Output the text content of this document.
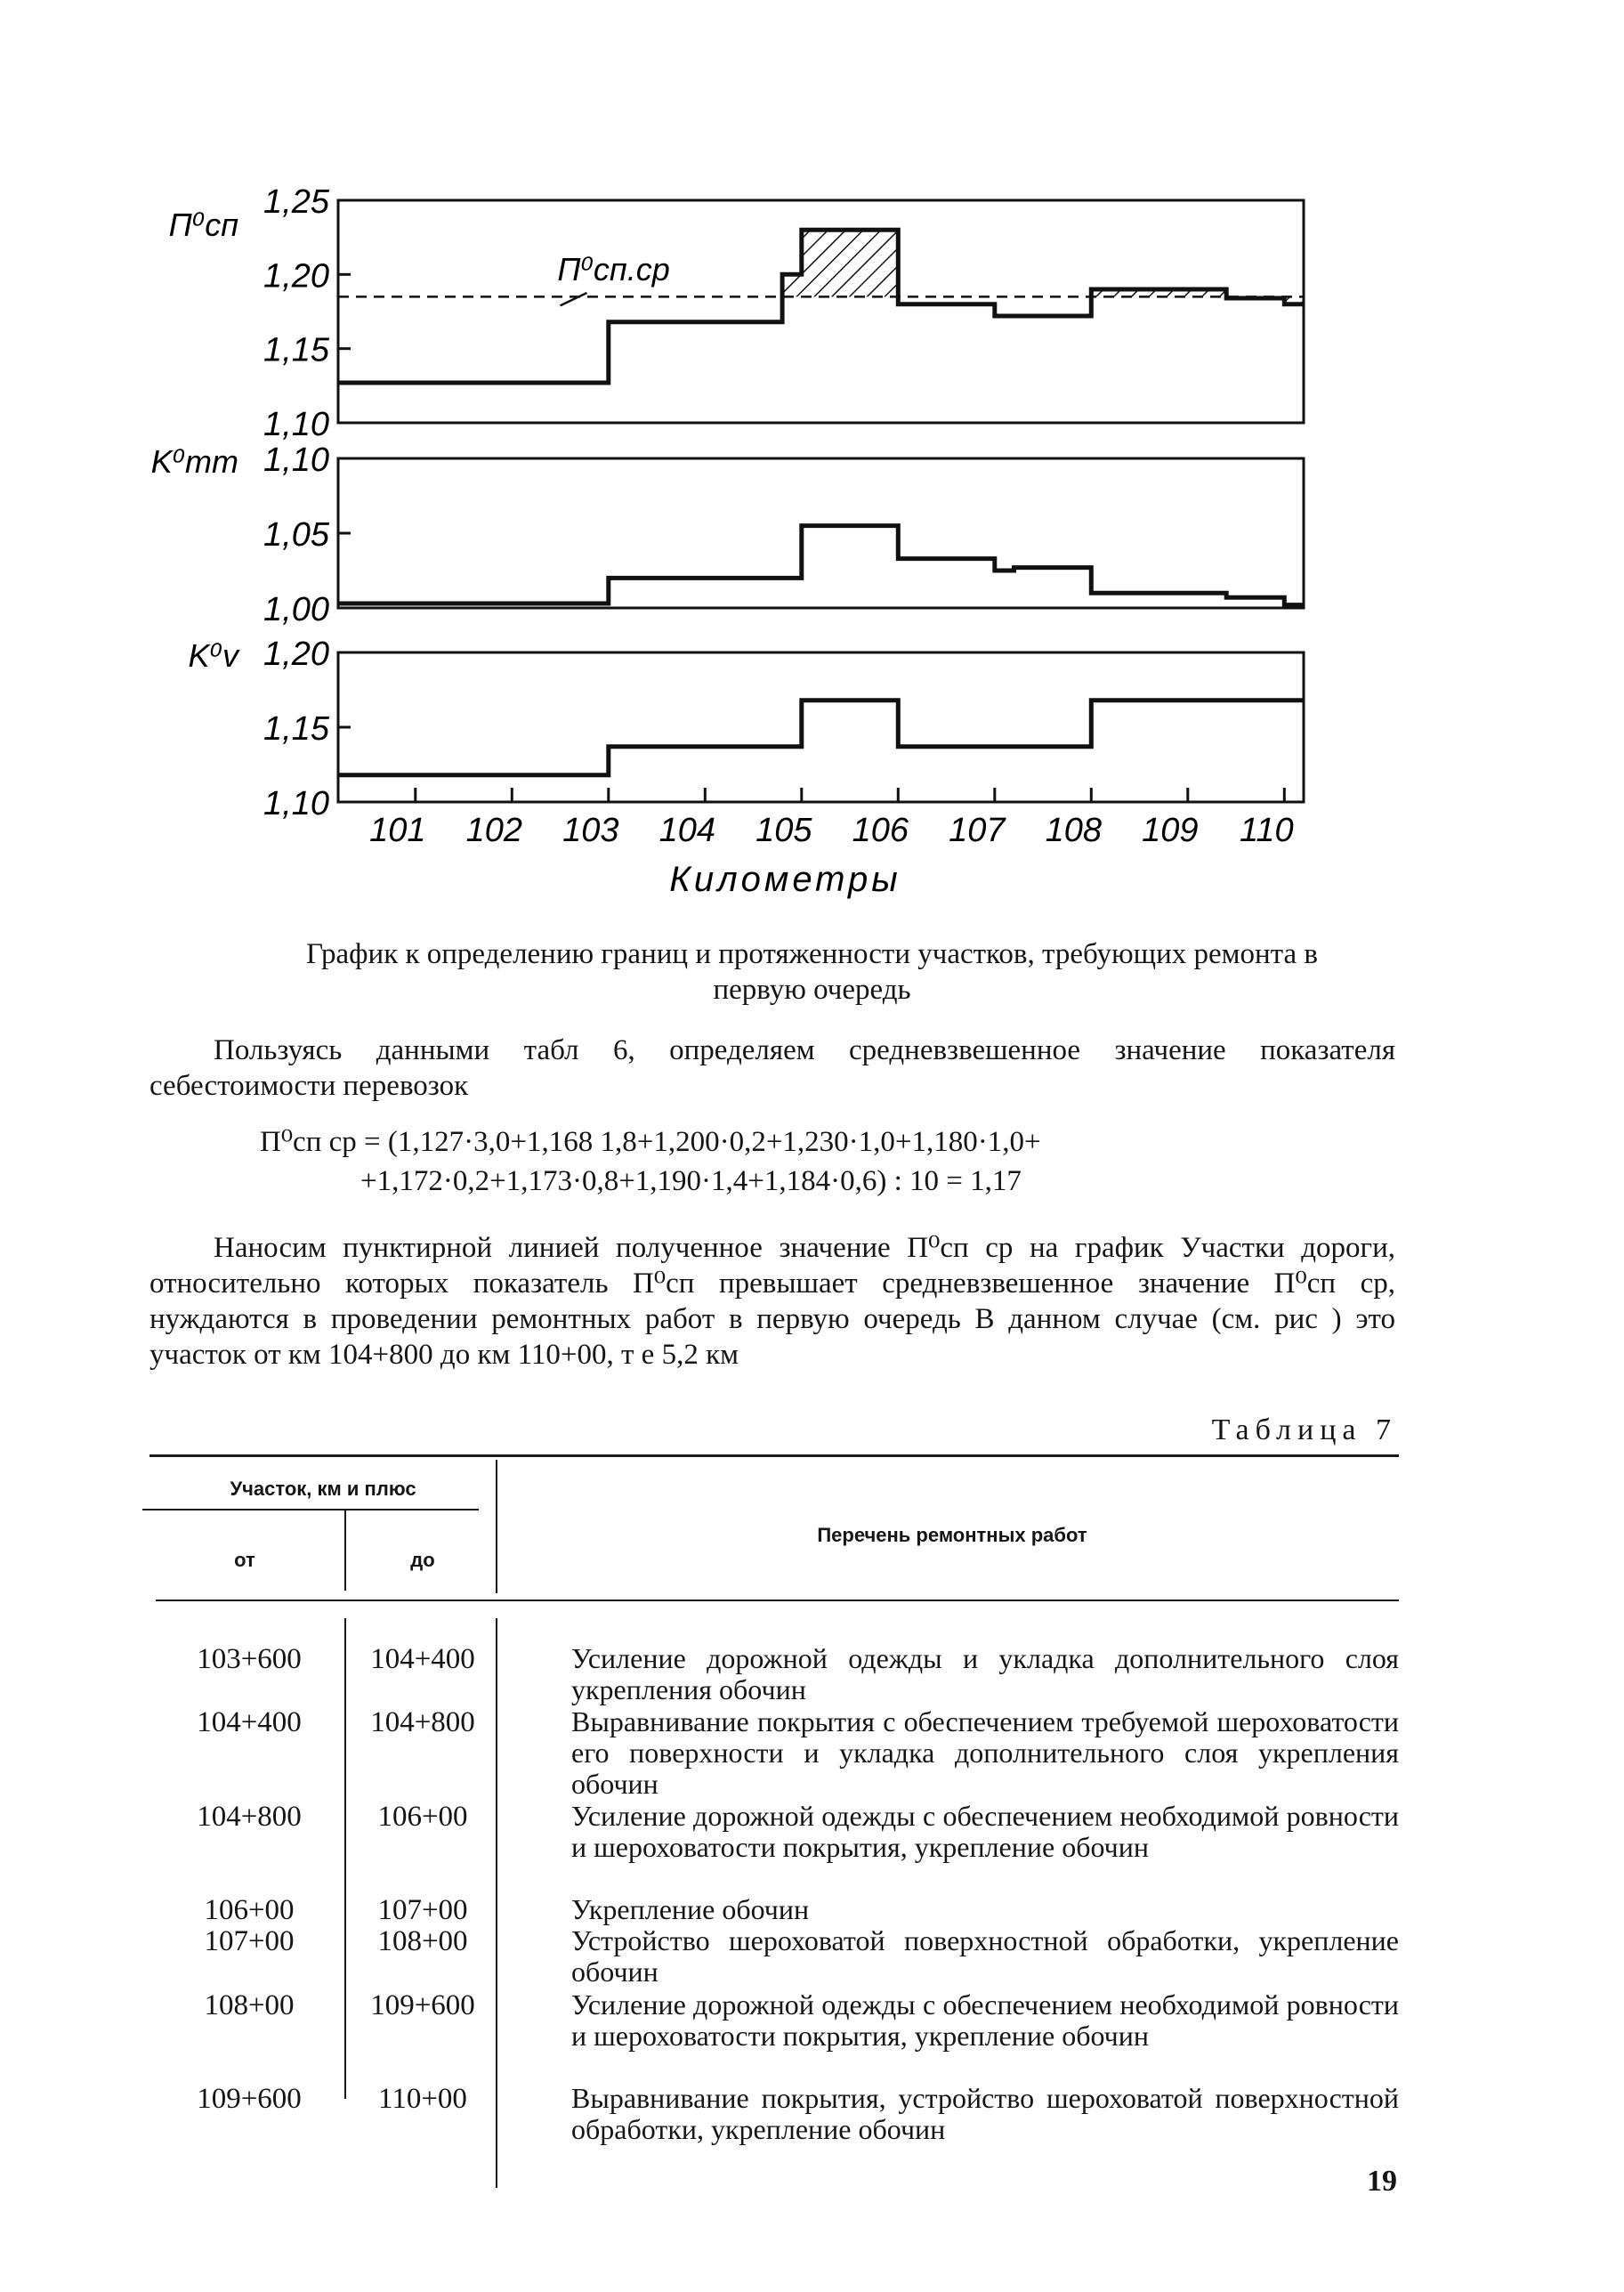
1,25
1,20
1,15
1,10
П⁰сп
П⁰сп.ср
1,10
1,05
1,00
K⁰mт
1,20
1,15
1,10
K⁰v
101 102 103 104 105 106 107 108 109 110
Километры
График к определению границ и протяженности участков, требующих ремонта в первую очередь
Пользуясь данными табл 6, определяем средневзвешенное значение показателя себестоимости перевозок
П⁰сп ср = (1,127·3,0+1,168 1,8+1,200·0,2+1,230·1,0+1,180·1,0+
+1,172·0,2+1,173·0,8+1,190·1,4+1,184·0,6) : 10 = 1,17
Наносим пунктирной линией полученное значение П⁰сп ср на график Участки дороги, относительно которых показатель П⁰сп превышает средневзвешенное значение П⁰сп ср, нуждаются в проведении ремонтных работ в первую очередь В данном случае (см. рис ) это участок от км 104+800 до км 110+00, т е 5,2 км
Таблица 7
Участок, км и плюс
от	до
Перечень ремонтных работ
103+600	104+400	Усиление дорожной одежды и укладка дополнительного слоя укрепления обочин
104+400	104+800	Выравнивание покрытия с обеспечением требуемой шероховатости его поверхности и укладка дополнительного слоя укрепления обочин
104+800	106+00	Усиление дорожной одежды с обеспечением необходимой ровности и шероховатости покрытия, укрепление обочин
106+00	107+00	Укрепление обочин
107+00	108+00	Устройство шероховатой поверхностной обработки, укрепление обочин
108+00	109+600	Усиление дорожной одежды с обеспечением необходимой ровности и шероховатости покрытия, укрепление обочин
109+600	110+00	Выравнивание покрытия, устройство шероховатой поверхностной обработки, укрепление обочин
19
